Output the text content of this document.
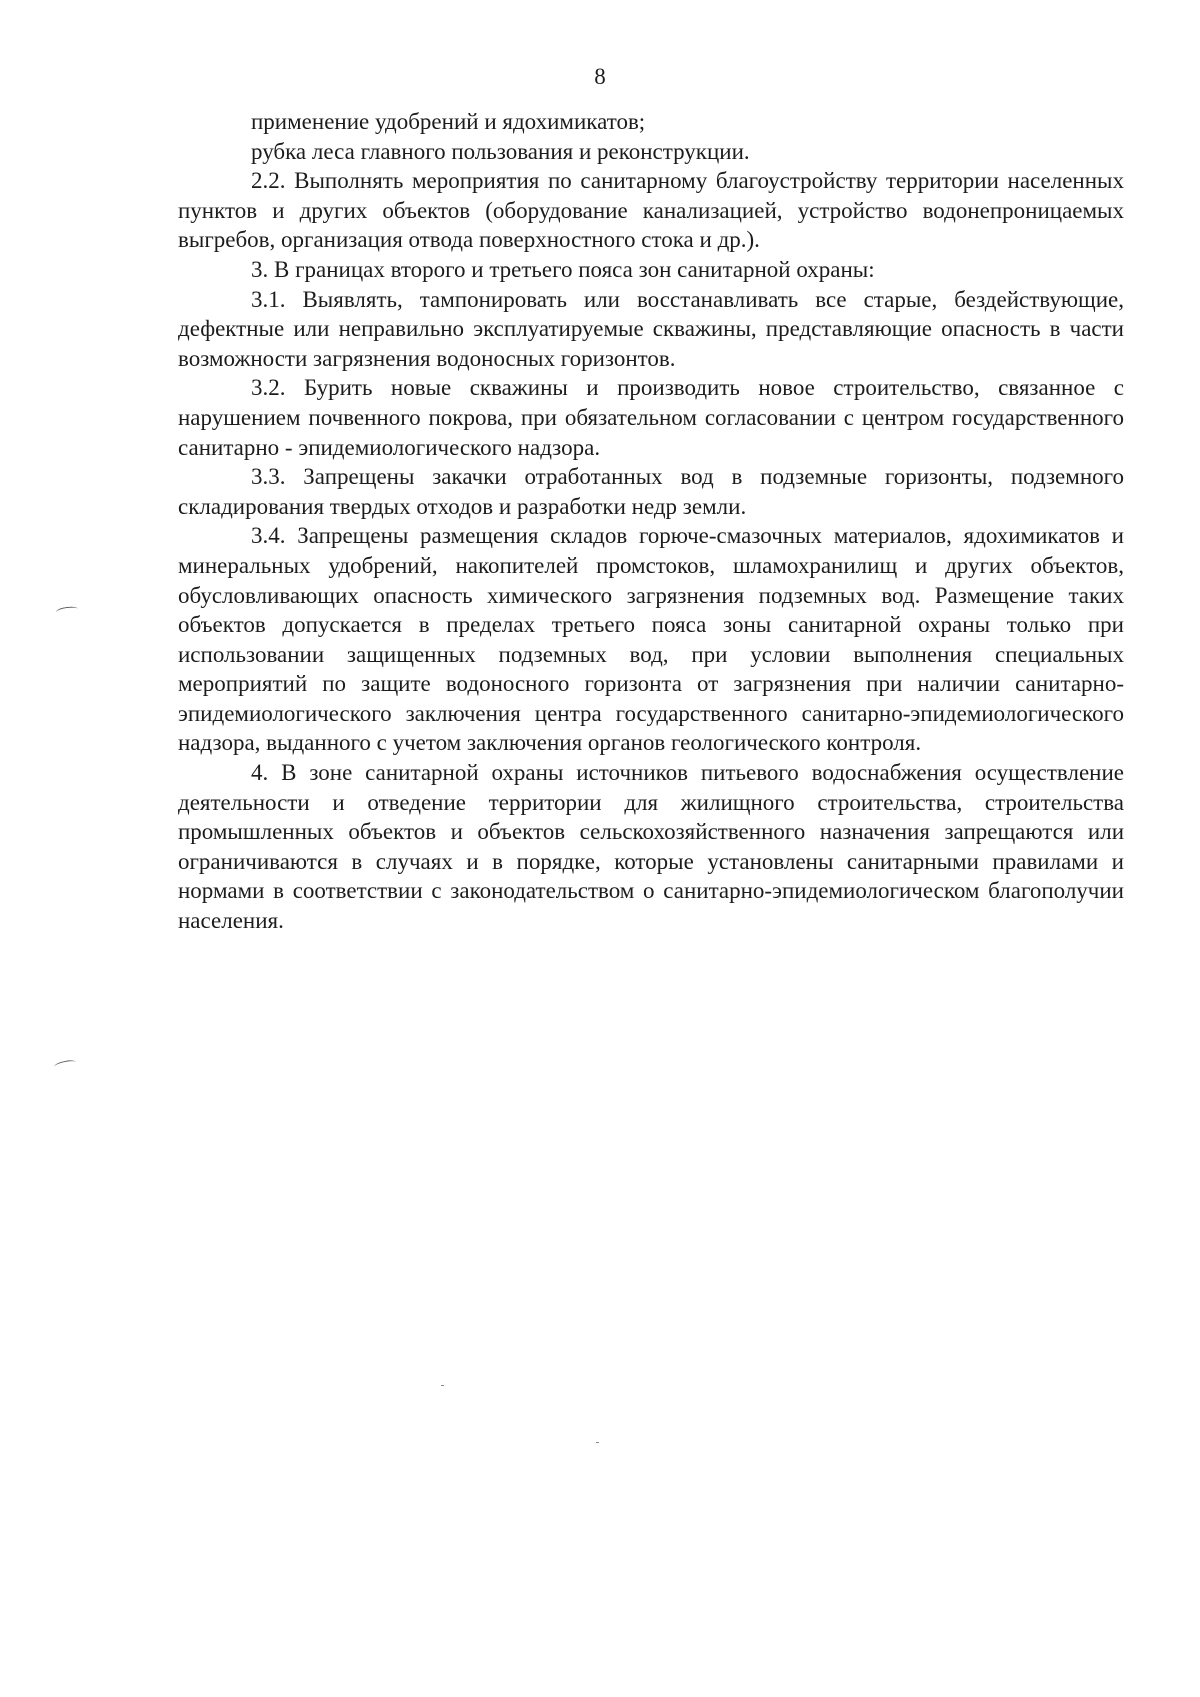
8

применение удобрений и ядохимикатов;

рубка леса главного пользования и реконструкции.

2.2. Выполнять мероприятия по санитарному благоустройству территории населенных пунктов и других объектов (оборудование канализацией, устройство водонепроницаемых выгребов, организация отвода поверхностного стока и др.).

3. В границах второго и третьего пояса зон санитарной охраны:

3.1. Выявлять, тампонировать или восстанавливать все старые, бездействующие, дефектные или неправильно эксплуатируемые скважины, представляющие опасность в части возможности загрязнения водоносных горизонтов.

3.2. Бурить новые скважины и производить новое строительство, связанное с нарушением почвенного покрова, при обязательном согласовании с центром государственного санитарно - эпидемиологического надзора.

3.3. Запрещены закачки отработанных вод в подземные горизонты, подземного складирования твердых отходов и разработки недр земли.

3.4. Запрещены размещения складов горюче-смазочных материалов, ядохимикатов и минеральных удобрений, накопителей промстоков, шламохранилищ и других объектов, обусловливающих опасность химического загрязнения подземных вод. Размещение таких объектов допускается в пределах третьего пояса зоны санитарной охраны только при использовании защищенных подземных вод, при условии выполнения специальных мероприятий по защите водоносного горизонта от загрязнения при наличии санитарно-эпидемиологического заключения центра государственного санитарно-эпидемиологического надзора, выданного с учетом заключения органов геологического контроля.

4. В зоне санитарной охраны источников питьевого водоснабжения осуществление деятельности и отведение территории для жилищного строительства, строительства промышленных объектов и объектов сельскохозяйственного назначения запрещаются или ограничиваются в случаях и в порядке, которые установлены санитарными правилами и нормами в соответствии с законодательством о санитарно-эпидемиологическом благополучии населения.
